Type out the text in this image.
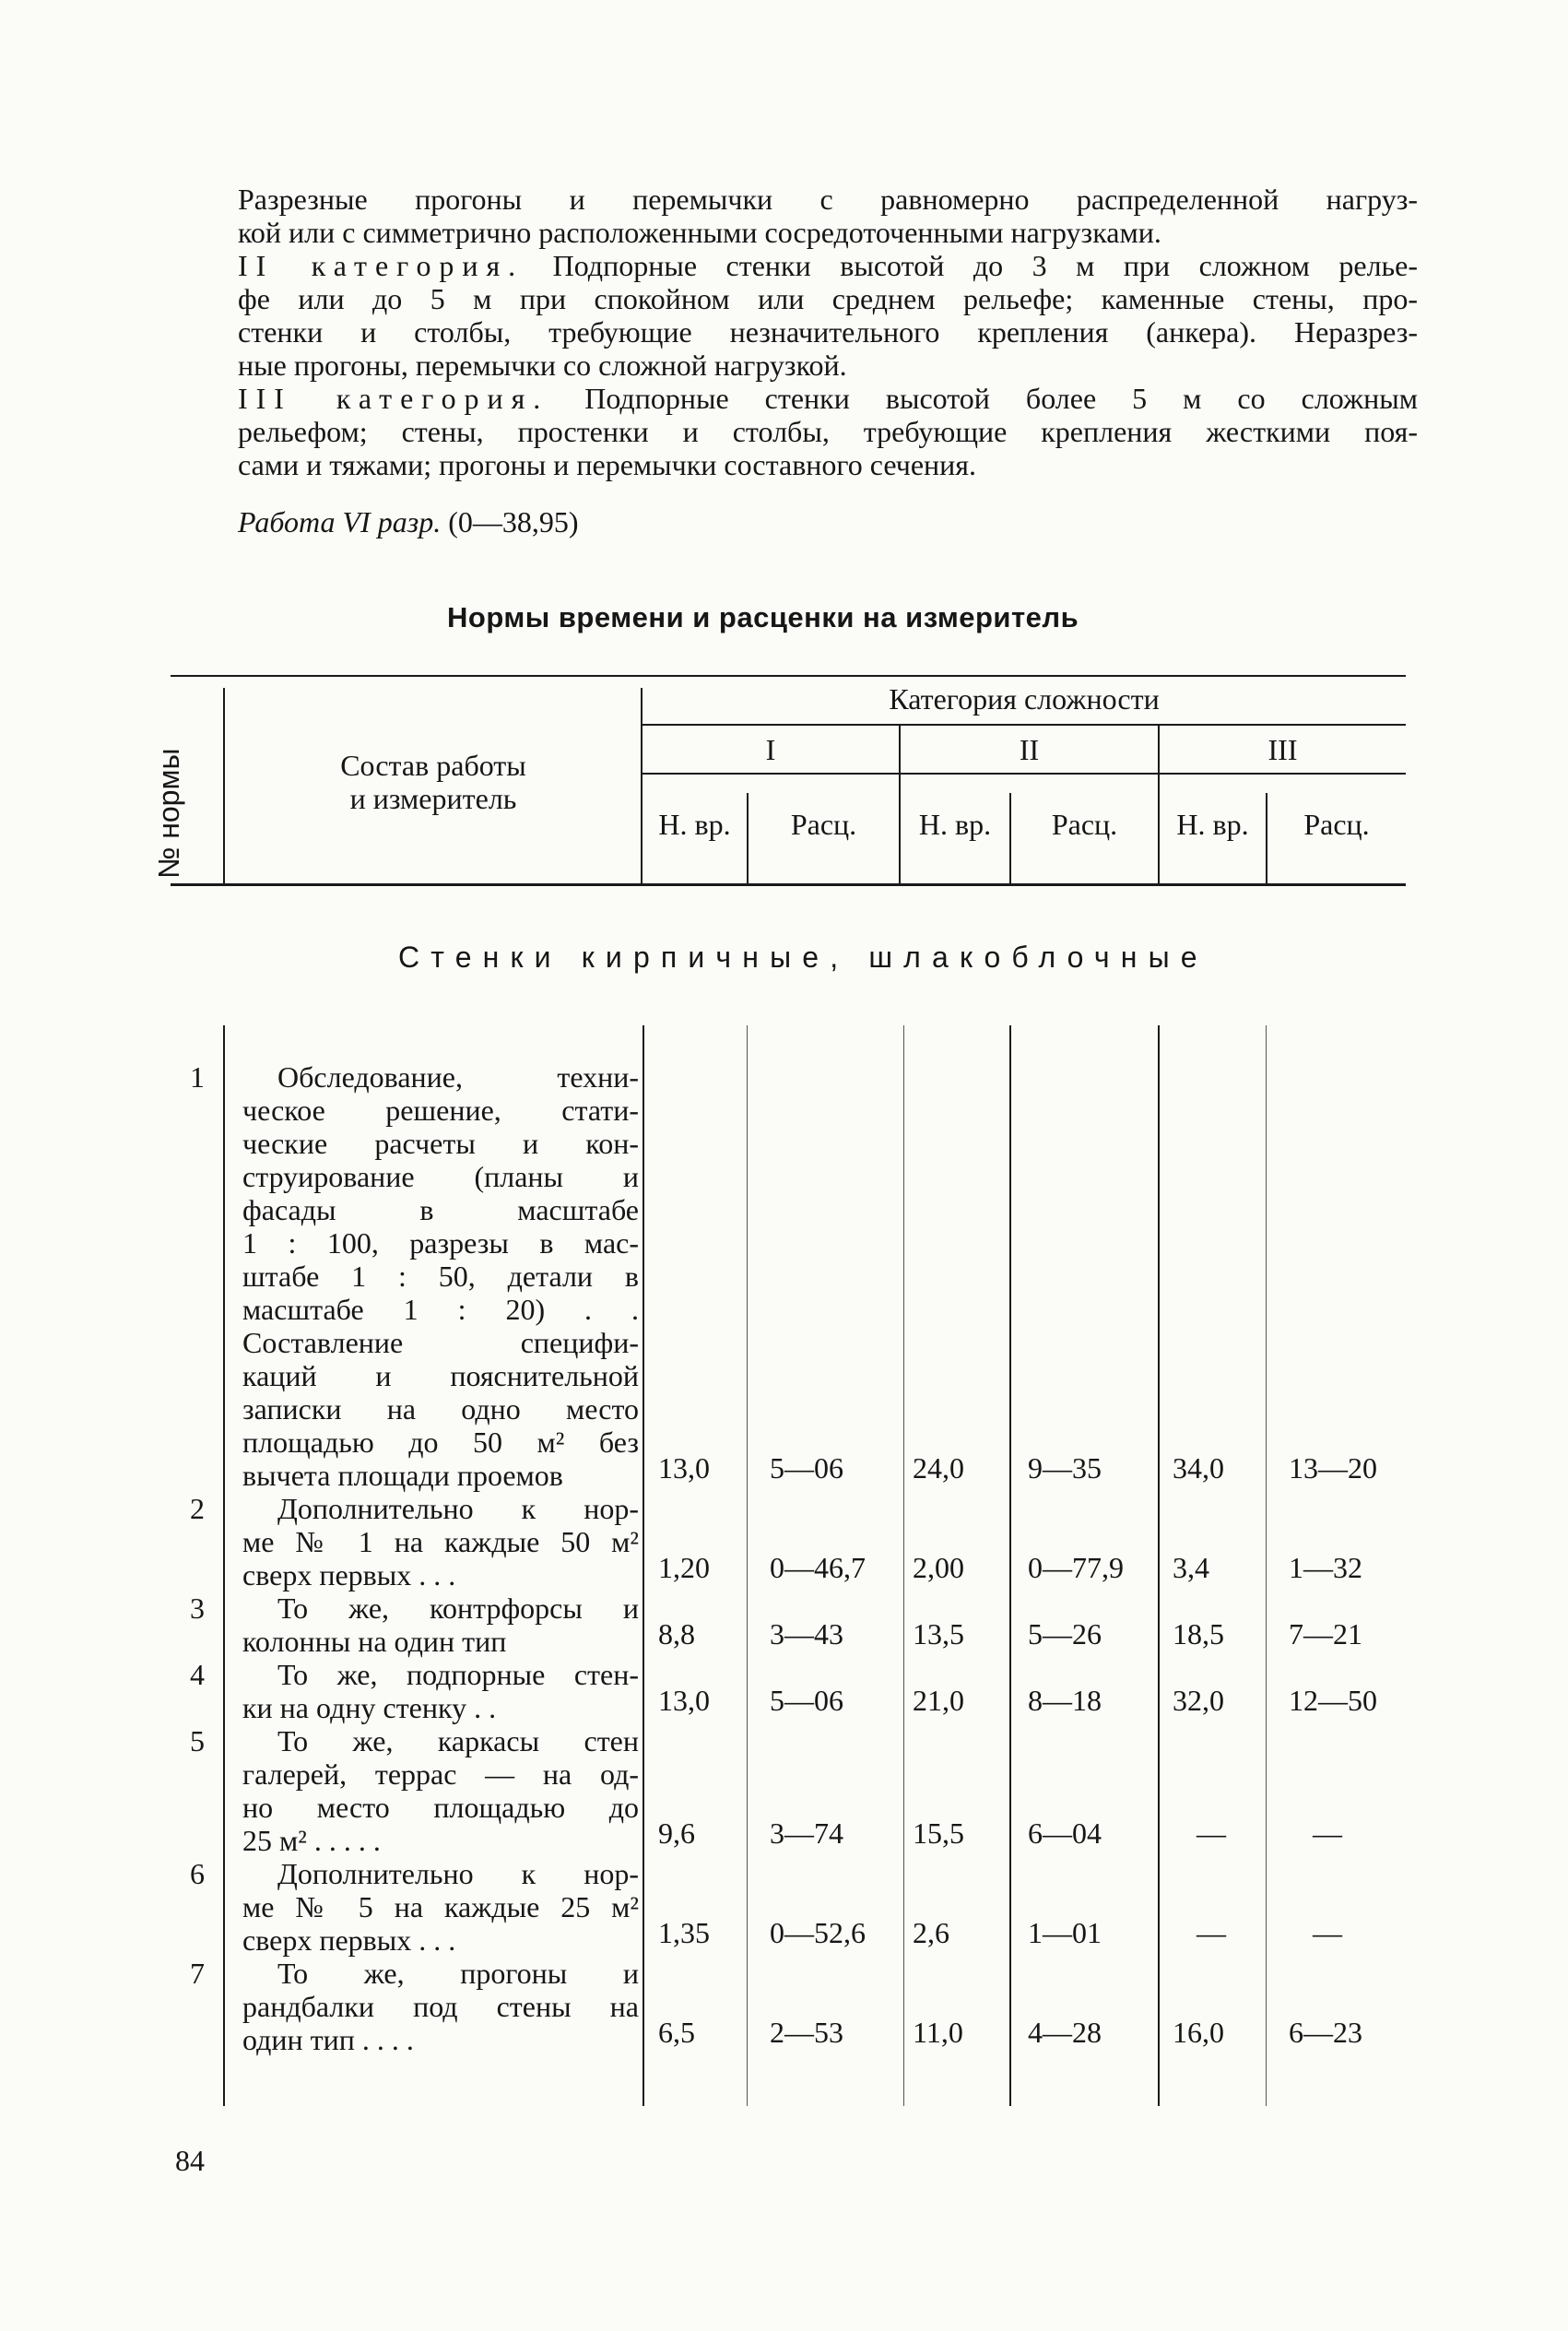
Разрезные прогоны и перемычки с равномерно распределенной нагруз-
кой или с симметрично расположенными сосредоточенными нагрузками.
II категория. Подпорные стенки высотой до 3 м при сложном релье-
фе или до 5 м при спокойном или среднем рельефе; каменные стены, про-
стенки и столбы, требующие незначительного крепления (анкера). Неразрез-
ные прогоны, перемычки со сложной нагрузкой.
III категория. Подпорные стенки высотой более 5 м со сложным
рельефом; стены, простенки и столбы, требующие крепления жесткими поя-
сами и тяжами; прогоны и перемычки составного сечения.
Работа VI разр. (0—38,95)
Нормы времени и расценки на измеритель
№ нормы	Состав работы
и измеритель
Категория сложности
I	II	III
Н. вр.	Расц.	Н. вр.	Расц.	Н. вр.	Расц.
Стенки кирпичные, шлакоблочные
1	Обследование, техни-
ческое решение, стати-
ческие расчеты и кон-
струирование (планы и
фасады в масштабе
1 : 100, разрезы в мас-
штабе 1 : 50, детали в
масштабе 1 : 20) . .
Составление специфи-
каций и пояснительной
записки на одно место
площадью до 50 м² без
вычета площади проемов	13,0 5—06 24,0 9—35 34,0 13—20
2	Дополнительно к нор-
ме № 1 на каждые 50 м²
сверх первых . . .	1,20 0—46,7 2,00 0—77,9 3,4	1—32
3	То же, контрфорсы и
колонны на один тип	8,8	3—43 13,5 5—26 18,5 7—21
4	То же, подпорные стен-
ки на одну стенку . .	13,0 5—06 21,0 8—18 32,0 12—50
5	То же, каркасы стен
галерей, террас — на од-
но место площадью до
25 м² . . . . .	9,6	3—74 15,5 6—04	—	—
6	Дополнительно к нор-
ме № 5 на каждые 25 м²
сверх первых . . .	1,35 0—52,6 2,6	1—01	—	—
7	То же, прогоны и
рандбалки под стены на
один тип . . . .	6,5	2—53 11,0 4—28 16,0 6—23
84
